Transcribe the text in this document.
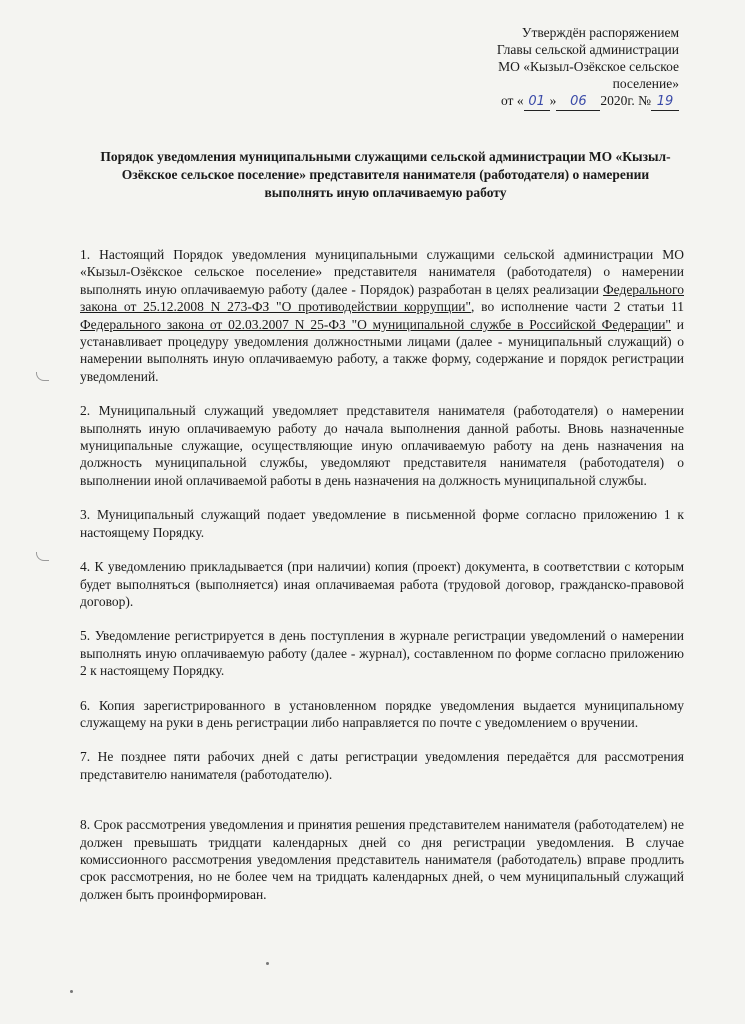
Утверждён распоряжением
Главы сельской администрации
МО «Кызыл-Озёкское сельское
поселение»
от « 01 » 06 2020г. № 19
Порядок уведомления муниципальными служащими сельской администрации МО «Кызыл-Озёкское сельское поселение» представителя нанимателя (работодателя) о намерении выполнять иную оплачиваемую работу

1. Настоящий Порядок уведомления муниципальными служащими сельской администрации МО «Кызыл-Озёкское сельское поселение» представителя нанимателя (работодателя) о намерении выполнять иную оплачиваемую работу (далее - Порядок) разработан в целях реализации Федерального закона от 25.12.2008 N 273-ФЗ "О противодействии коррупции", во исполнение части 2 статьи 11 Федерального закона от 02.03.2007 N 25-ФЗ "О муниципальной службе в Российской Федерации" и устанавливает процедуру уведомления должностными лицами (далее - муниципальный служащий) о намерении выполнять иную оплачиваемую работу, а также форму, содержание и порядок регистрации уведомлений.

2. Муниципальный служащий уведомляет представителя нанимателя (работодателя) о намерении выполнять иную оплачиваемую работу до начала выполнения данной работы. Вновь назначенные муниципальные служащие, осуществляющие иную оплачиваемую работу на день назначения на должность муниципальной службы, уведомляют представителя нанимателя (работодателя) о выполнении иной оплачиваемой работы в день назначения на должность муниципальной службы.

3. Муниципальный служащий подает уведомление в письменной форме согласно приложению 1 к настоящему Порядку.

4. К уведомлению прикладывается (при наличии) копия (проект) документа, в соответствии с которым будет выполняться (выполняется) иная оплачиваемая работа (трудовой договор, гражданско-правовой договор).

5. Уведомление регистрируется в день поступления в журнале регистрации уведомлений о намерении выполнять иную оплачиваемую работу (далее - журнал), составленном по форме согласно приложению 2 к настоящему Порядку.

6. Копия зарегистрированного в установленном порядке уведомления выдается муниципальному служащему на руки в день регистрации либо направляется по почте с уведомлением о вручении.

7. Не позднее пяти рабочих дней с даты регистрации уведомления передаётся для рассмотрения представителю нанимателя (работодателю).

8. Срок рассмотрения уведомления и принятия решения представителем нанимателя (работодателем) не должен превышать тридцати календарных дней со дня регистрации уведомления. В случае комиссионного рассмотрения уведомления представитель нанимателя (работодатель) вправе продлить срок рассмотрения, но не более чем на тридцать календарных дней, о чем муниципальный служащий должен быть проинформирован.
